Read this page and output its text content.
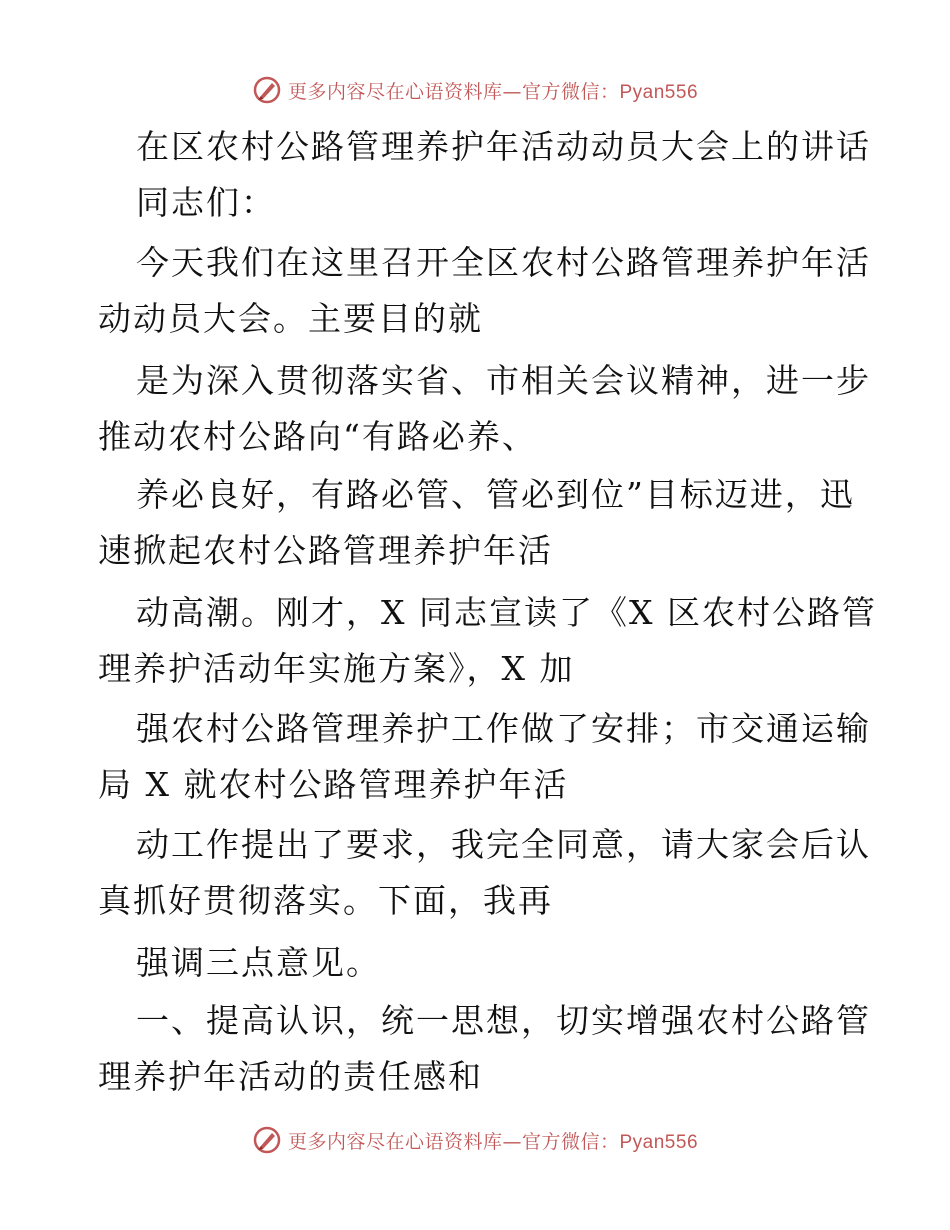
更多内容尽在心语资料库—官方微信：Pyan556
在区农村公路管理养护年活动动员大会上的讲话
同志们：
今天我们在这里召开全区农村公路管理养护年活
动动员大会。主要目的就
是为深入贯彻落实省、市相关会议精神，进一步
推动农村公路向“有路必养、
养必良好，有路必管、管必到位”目标迈进，迅
速掀起农村公路管理养护年活
动高潮。刚才，X 同志宣读了《X 区农村公路管
理养护活动年实施方案》，X 加
强农村公路管理养护工作做了安排；市交通运输
局 X 就农村公路管理养护年活
动工作提出了要求，我完全同意，请大家会后认
真抓好贯彻落实。下面，我再
强调三点意见。
一、提高认识，统一思想，切实增强农村公路管
理养护年活动的责任感和
更多内容尽在心语资料库—官方微信：Pyan556
